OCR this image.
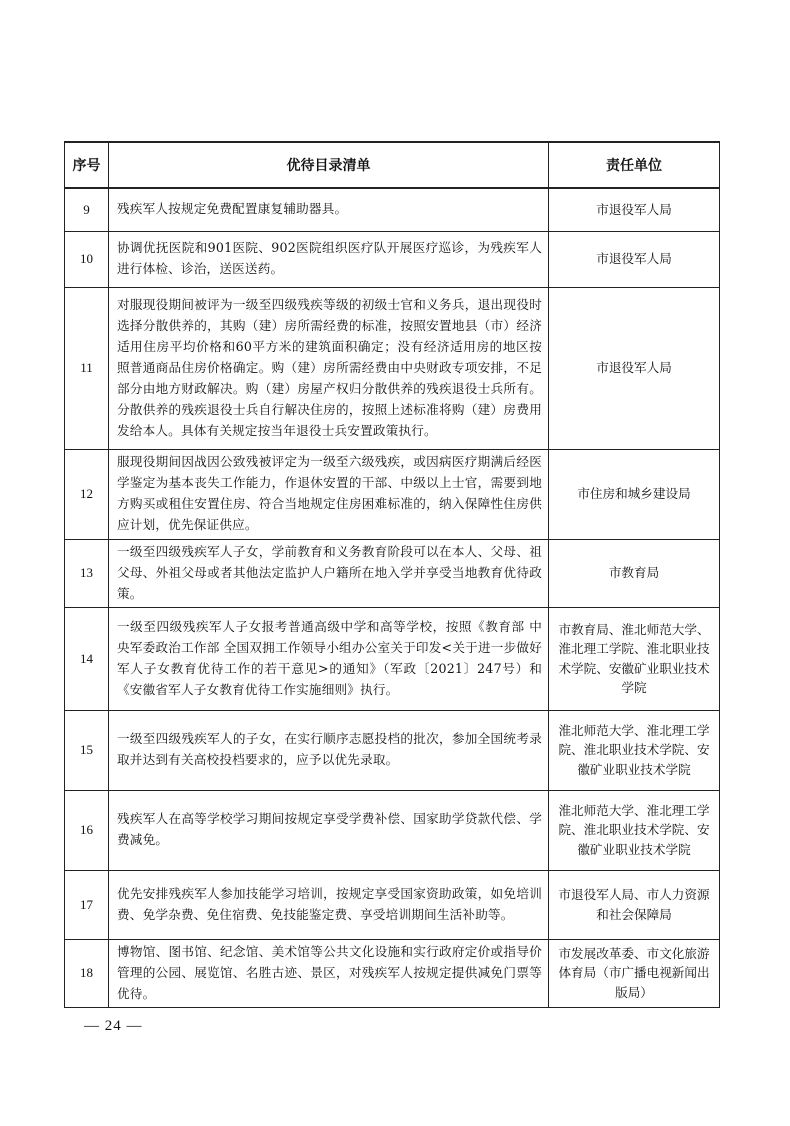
序号	优待目录清单	责任单位
9	残疾军人按规定免费配置康复辅助器具。	市退役军人局
10	协调优抚医院和901医院、902医院组织医疗队开展医疗巡诊，为残疾军人进行体检、诊治，送医送药。	市退役军人局
11	对服现役期间被评为一级至四级残疾等级的初级士官和义务兵，退出现役时选择分散供养的，其购（建）房所需经费的标准，按照安置地县（市）经济适用住房平均价格和60平方米的建筑面积确定；没有经济适用房的地区按照普通商品住房价格确定。购（建）房所需经费由中央财政专项安排，不足部分由地方财政解决。购（建）房屋产权归分散供养的残疾退役士兵所有。分散供养的残疾退役士兵自行解决住房的，按照上述标准将购（建）房费用发给本人。具体有关规定按当年退役士兵安置政策执行。	市退役军人局
12	服现役期间因战因公致残被评定为一级至六级残疾，或因病医疗期满后经医学鉴定为基本丧失工作能力，作退休安置的干部、中级以上士官，需要到地方购买或租住安置住房、符合当地规定住房困难标准的，纳入保障性住房供应计划，优先保证供应。	市住房和城乡建设局
13	一级至四级残疾军人子女，学前教育和义务教育阶段可以在本人、父母、祖父母、外祖父母或者其他法定监护人户籍所在地入学并享受当地教育优待政策。	市教育局
14	一级至四级残疾军人子女报考普通高级中学和高等学校，按照《教育部 中央军委政治工作部 全国双拥工作领导小组办公室关于印发<关于进一步做好军人子女教育优待工作的若干意见>的通知》（军政〔2021〕247号）和《安徽省军人子女教育优待工作实施细则》执行。	市教育局、淮北师范大学、淮北理工学院、淮北职业技术学院、安徽矿业职业技术学院
15	一级至四级残疾军人的子女，在实行顺序志愿投档的批次，参加全国统考录取并达到有关高校投档要求的，应予以优先录取。	淮北师范大学、淮北理工学院、淮北职业技术学院、安徽矿业职业技术学院
16	残疾军人在高等学校学习期间按规定享受学费补偿、国家助学贷款代偿、学费减免。	淮北师范大学、淮北理工学院、淮北职业技术学院、安徽矿业职业技术学院
17	优先安排残疾军人参加技能学习培训，按规定享受国家资助政策，如免培训费、免学杂费、免住宿费、免技能鉴定费、享受培训期间生活补助等。	市退役军人局、市人力资源和社会保障局
18	博物馆、图书馆、纪念馆、美术馆等公共文化设施和实行政府定价或指导价管理的公园、展览馆、名胜古迹、景区，对残疾军人按规定提供减免门票等优待。	市发展改革委、市文化旅游体育局（市广播电视新闻出版局）
— 24 —
